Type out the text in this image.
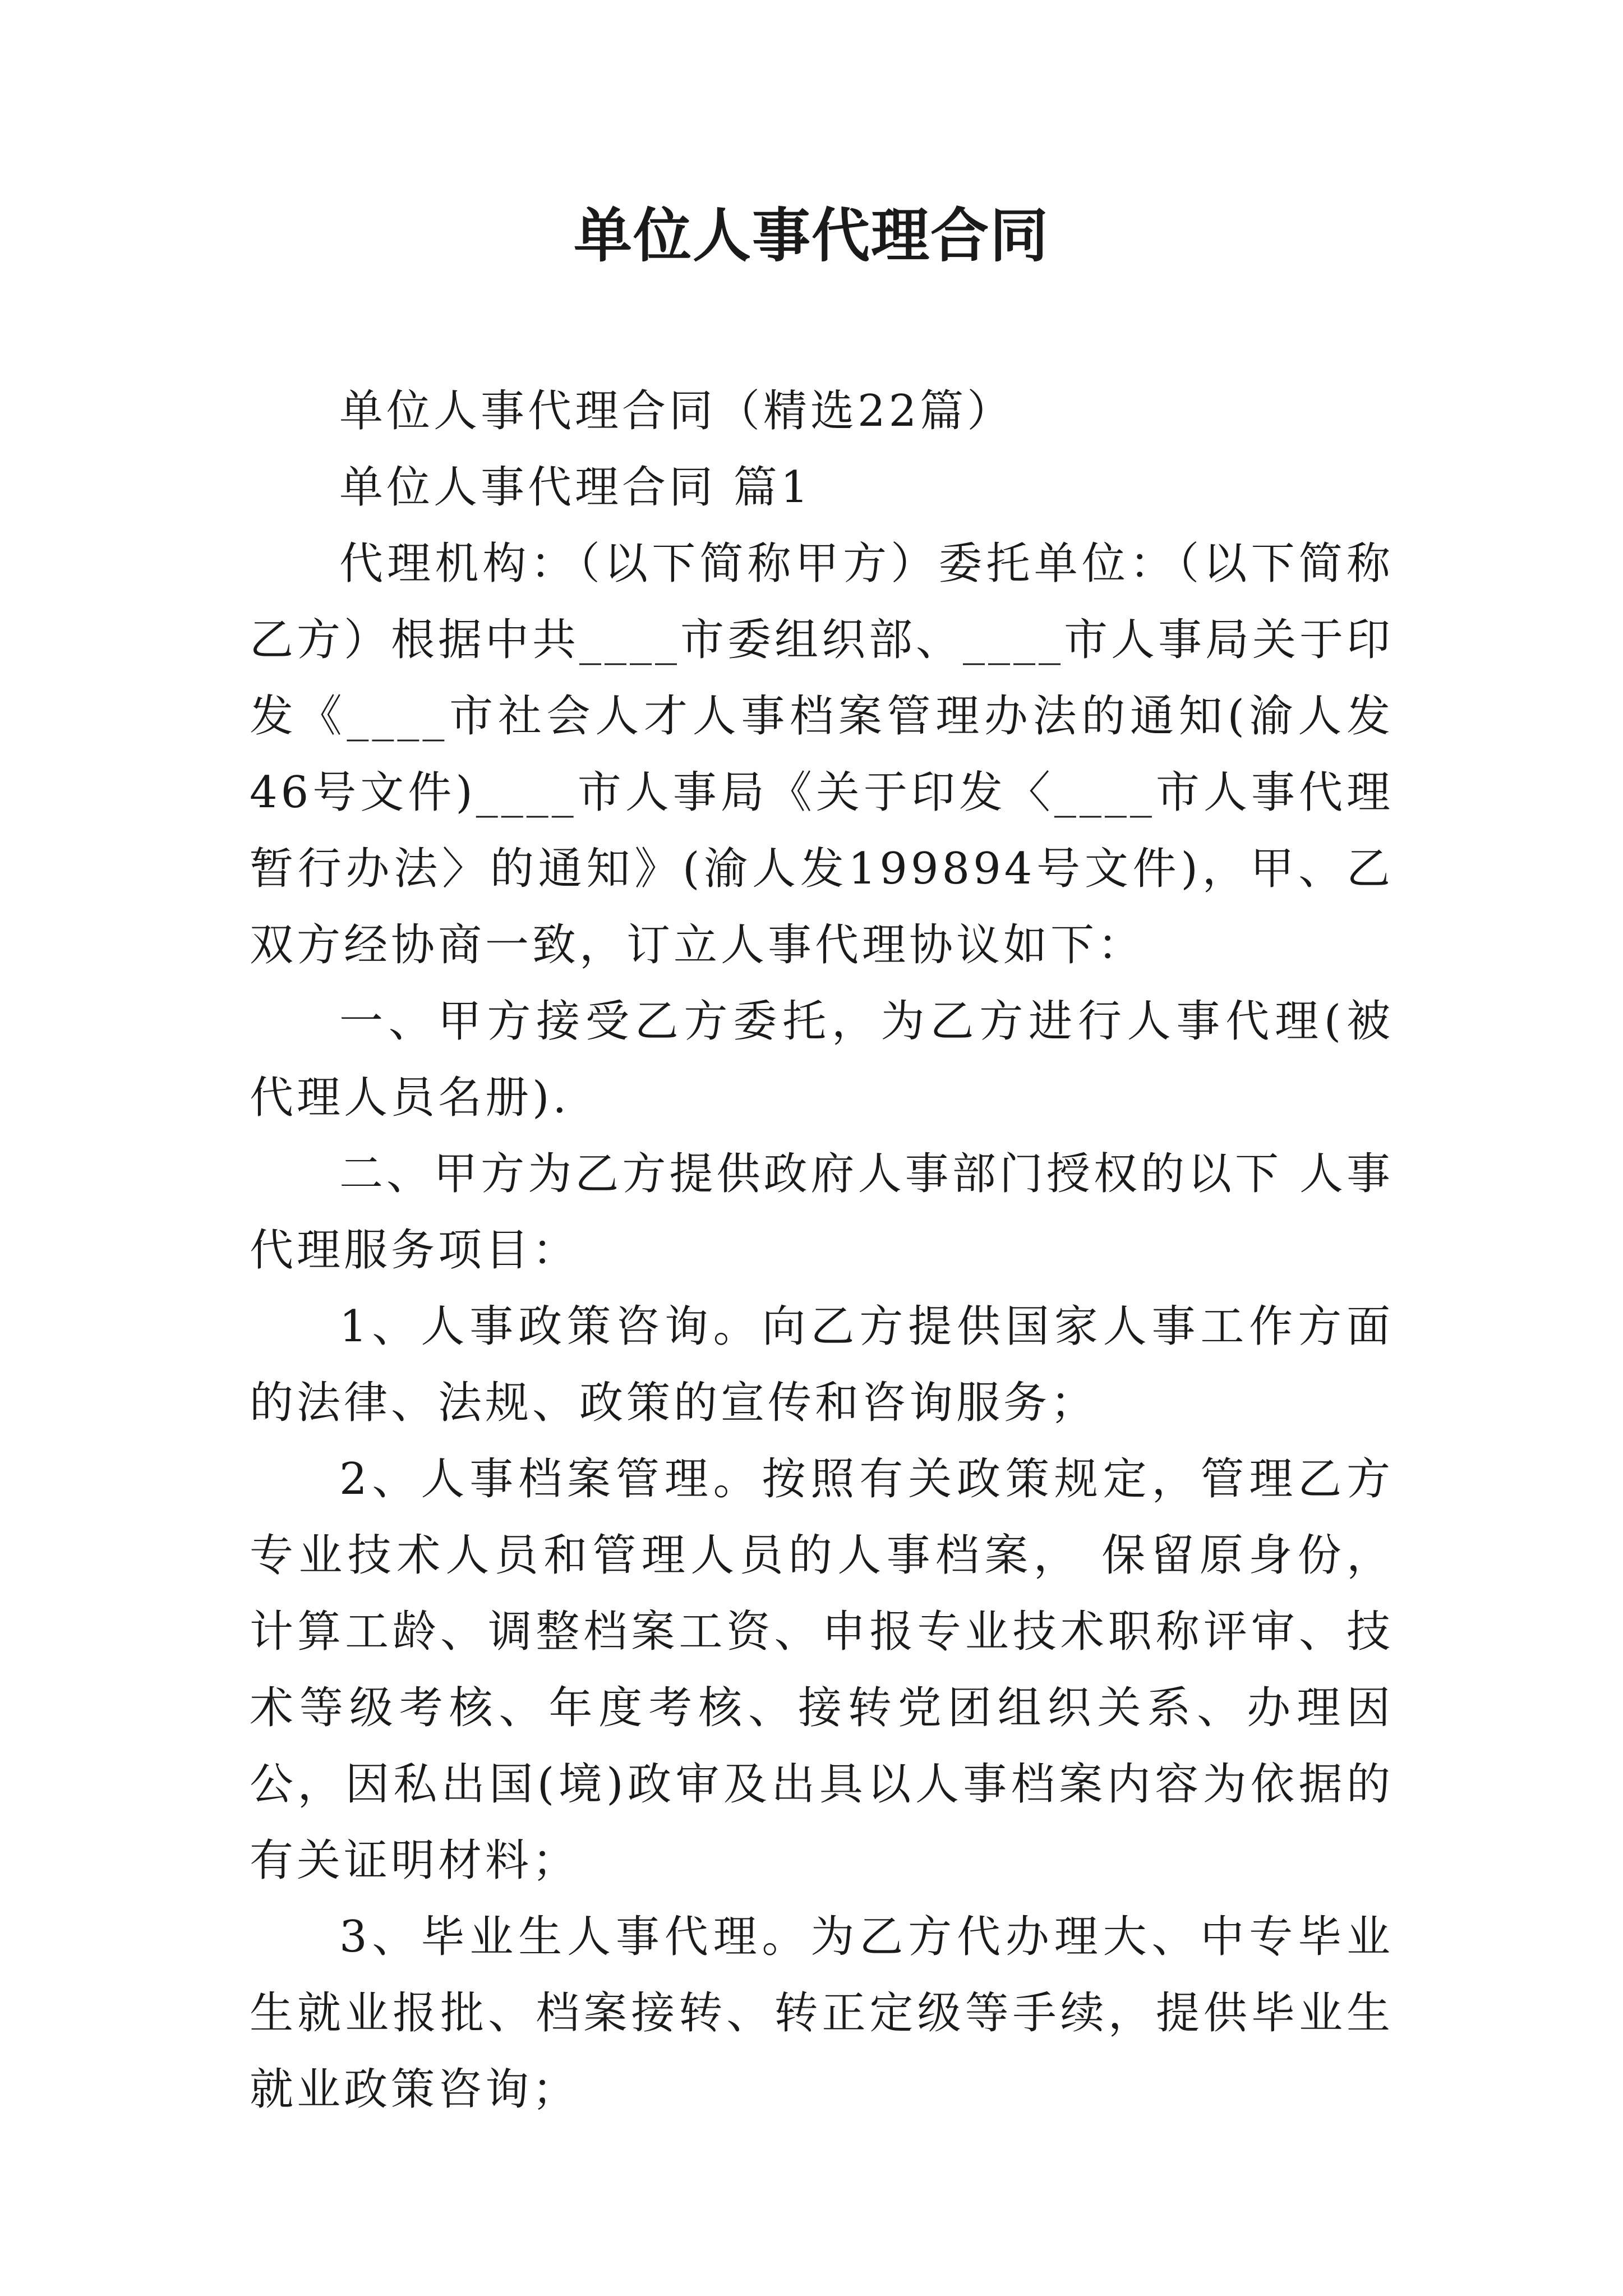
单位人事代理合同

单位人事代理合同（精选22篇）

单位人事代理合同 篇1

代理机构：（以下简称甲方）委托单位：（以下简称乙方）根据中共____市委组织部、____市人事局关于印发《____市社会人才人事档案管理办法的通知(渝人发46号文件)____市人事局《关于印发〈____市人事代理暂行办法〉的通知》(渝人发199894号文件)，甲、乙双方经协商一致，订立人事代理协议如下：

一、甲方接受乙方委托，为乙方进行人事代理(被代理人员名册).

二、甲方为乙方提供政府人事部门授权的以下 人事代理服务项目：

1、人事政策咨询。向乙方提供国家人事工作方面的法律、法规、政策的宣传和咨询服务；

2、人事档案管理。按照有关政策规定，管理乙方专业技术人员和管理人员的人事档案， 保留原身份，计算工龄、调整档案工资、申报专业技术职称评审、技术等级考核、年度考核、接转党团组织关系、办理因公，因私出国(境)政审及出具以人事档案内容为依据的有关证明材料；

3、毕业生人事代理。为乙方代办理大、中专毕业生就业报批、档案接转、转正定级等手续，提供毕业生就业政策咨询；
